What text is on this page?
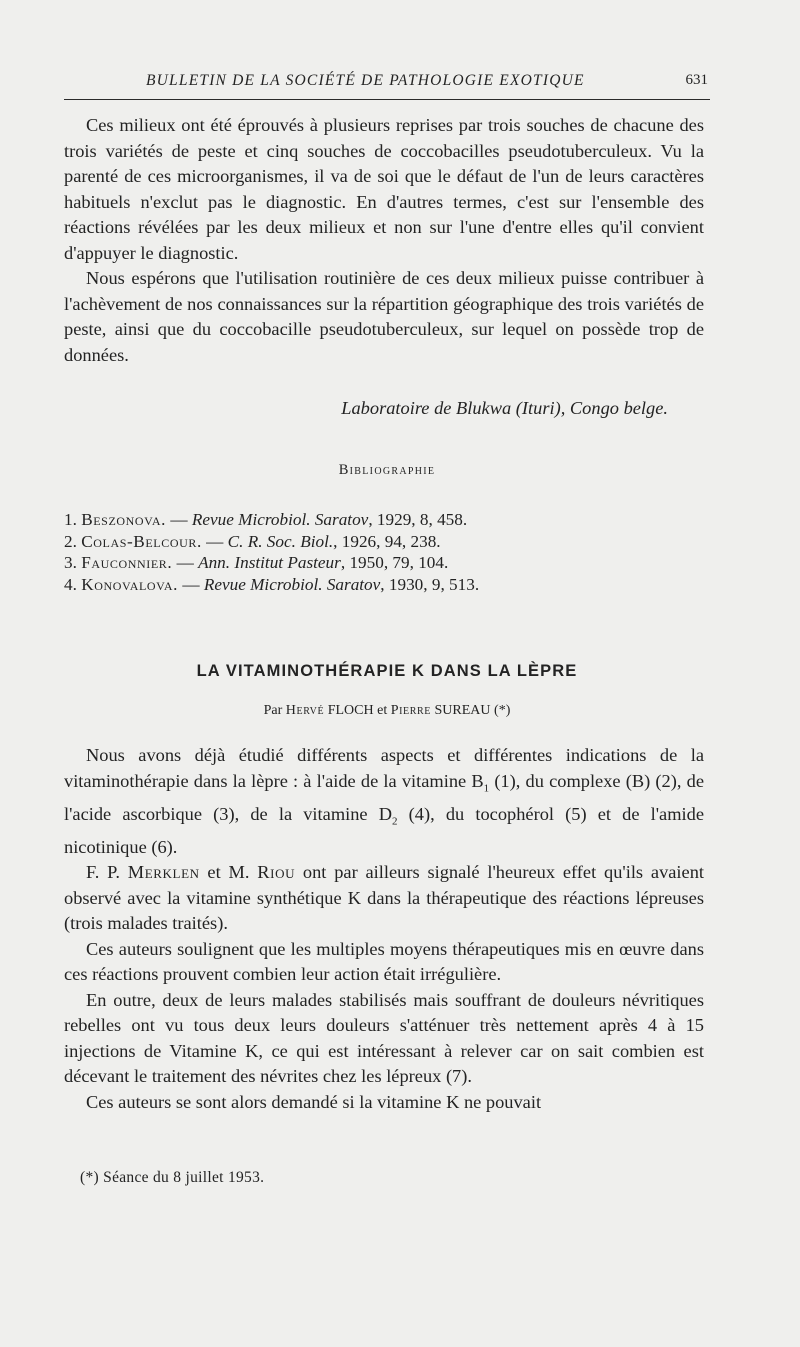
BULLETIN DE LA SOCIÉTÉ DE PATHOLOGIE EXOTIQUE	631

Ces milieux ont été éprouvés à plusieurs reprises par trois souches de chacune des trois variétés de peste et cinq souches de coccobacilles pseudotuberculeux. Vu la parenté de ces microorganismes, il va de soi que le défaut de l'un de leurs caractères habituels n'exclut pas le diagnostic. En d'autres termes, c'est sur l'ensemble des réactions révélées par les deux milieux et non sur l'une d'entre elles qu'il convient d'appuyer le diagnostic.

Nous espérons que l'utilisation routinière de ces deux milieux puisse contribuer à l'achèvement de nos connaissances sur la répartition géographique des trois variétés de peste, ainsi que du coccobacille pseudotuberculeux, sur lequel on possède trop de données.

Laboratoire de Blukwa (Ituri), Congo belge.
Bibliographie
1. Beszonova. — Revue Microbiol. Saratov, 1929, 8, 458.
2. Colas-Belcour. — C. R. Soc. Biol., 1926, 94, 238.
3. Fauconnier. — Ann. Institut Pasteur, 1950, 79, 104.
4. Konovalova. — Revue Microbiol. Saratov, 1930, 9, 513.
LA VITAMINOTHÉRAPIE K DANS LA LÈPRE
Par Hervé FLOCH et Pierre SUREAU (*)

Nous avons déjà étudié différents aspects et différentes indications de la vitaminothérapie dans la lèpre : à l'aide de la vitamine $B_1$ (1), du complexe (B) (2), de l'acide ascorbique (3), de la vitamine $D_2$ (4), du tocophérol (5) et de l'amide nicotinique (6).

F. P. Merklen et M. Riou ont par ailleurs signalé l'heureux effet qu'ils avaient observé avec la vitamine synthétique K dans la thérapeutique des réactions lépreuses (trois malades traités).

Ces auteurs soulignent que les multiples moyens thérapeutiques mis en œuvre dans ces réactions prouvent combien leur action était irrégulière.

En outre, deux de leurs malades stabilisés mais souffrant de douleurs névritiques rebelles ont vu tous deux leurs douleurs s'atténuer très nettement après 4 à 15 injections de Vitamine K, ce qui est intéressant à relever car on sait combien est décevant le traitement des névrites chez les lépreux (7).

Ces auteurs se sont alors demandé si la vitamine K ne pouvait

(*) Séance du 8 juillet 1953.
